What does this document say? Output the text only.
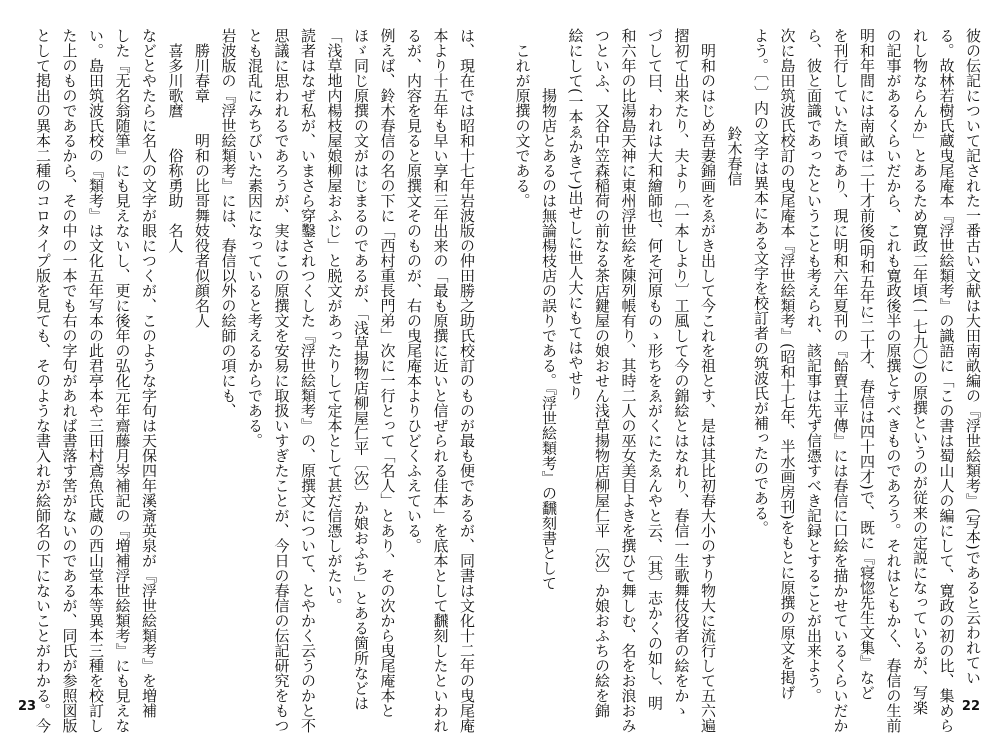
は、現在では昭和十七年岩波版の仲田勝之助氏校訂のものが最も便であるが、同書は文化十二年の曳尾庵
本より十五年も早い享和三年出来の「最も原撰に近いと信ぜられる佳本」を底本として飜刻したといわれ
るが、内容を見ると原撰文そのものが、右の曳尾庵本よりひどくふえている。
例えば、鈴木春信の名の下に「西村重長門弟」次に一行とって「名人」とあり、その次から曳尾庵本と
ほゞ同じ原撰の文がはじまるのであるが、「浅草揚物店柳屋仁平〔次〕か娘おふち」とある箇所などは
「浅草地内楊枝屋娘柳屋おふじ」と脱文があったりして定本として甚だ信憑しがたい。
読者はなぜ私が、いまさら穿鑿されつくした『浮世絵類考』の、原撰文について、とやかく云うのかと不
思議に思われるであろうが、実はこの原撰文を安易に取扱いすぎたことが、今日の春信の伝記研究をもつ
とも混乱にみちびいた素因になっていると考えるからである。
岩波版の『浮世絵類考』には、春信以外の絵師の項にも、
勝川春章　　明和の比哥舞妓役者似顔名人
喜多川歌麿　　俗称勇助　名人
などとやたらに名人の文字が眼につくが、このような字句は天保四年溪斎英泉が『浮世絵類考』を増補
した『无名翁随筆』にも見えないし、更に後年の弘化元年齋藤月岑補記の『増補浮世絵類考』にも見えな
い。島田筑波氏校の『類考』は文化五年写本の此君亭本や三田村鳶魚氏蔵の西山堂本等異本三種を校訂し
た上のものであるから、その中の一本でも右の字句があれば書落す筈がないのであるが、同氏が参照図版
として掲出の異本二種のコロタイプ版を見ても、そのような書入れが絵師名の下にないことがわかる。今
23
彼の伝記について記された一番古い文献は大田南畝編の『浮世絵類考』(写本)であると云われてい
る。故林若樹氏蔵曳尾庵本『浮世絵類考』の識語に「この書は蜀山人の編にして、寛政の初の比、集めら
れし物ならんか」とあるため寛政二年頃(一七九〇)の原撰というのが従来の定説になっているが、写楽
の記事があるくらいだから、これも寛政後半の原撰とすべきものであろう。それはともかく、春信の生前
明和年間には南畝は二十才前後(明和五年に二十才、春信は四十四才)で、既に『寝惚先生文集』など
を刊行していた頃であり、現に明和六年夏刊の『飴賣土平傳』には春信に口絵を描かせているくらいだか
ら、彼と面識であったということも考えられ、該記事は先ず信憑すべき記録とすることが出来よう。
次に島田筑波氏校訂の曳尾庵本『浮世絵類考』(昭和十七年、半水画房刊)をもとに原撰の原文を掲げ
よう。〔 〕内の文字は異本にある文字を校訂者の筑波氏が補ったのである。
鈴木春信
明和のはじめ吾妻錦画をゑがき出して今これを祖とす、是は其比初春大小のすり物大に流行して五六遍
摺初て出来たり、夫より〔一本しより〕工風して今の錦絵とはなれり、春信一生歌舞伎役者の絵をかゝ
づして曰、われは大和繪師也、何そ河原ものゝ形ちをゑがくにたゑんやと云、〔其〕志かくの如し、明
和六年の比湯島天神に東州浮世絵を陳列帳有り、其時二人の巫女美目よきを撰ひて舞しむ、名をお浪おみ
つといふ、又谷中笠森稲荷の前なる茶店鍵屋の娘おせん浅草揚物店柳屋仁平〔次〕か娘おふちの絵を錦
絵にして(一本ゑかきて)出せしに世人大にもてはやせり
揚物店とあるのは無論楊枝店の誤りである。『浮世絵類考』の飜刻書として
これが原撰の文である。
22
